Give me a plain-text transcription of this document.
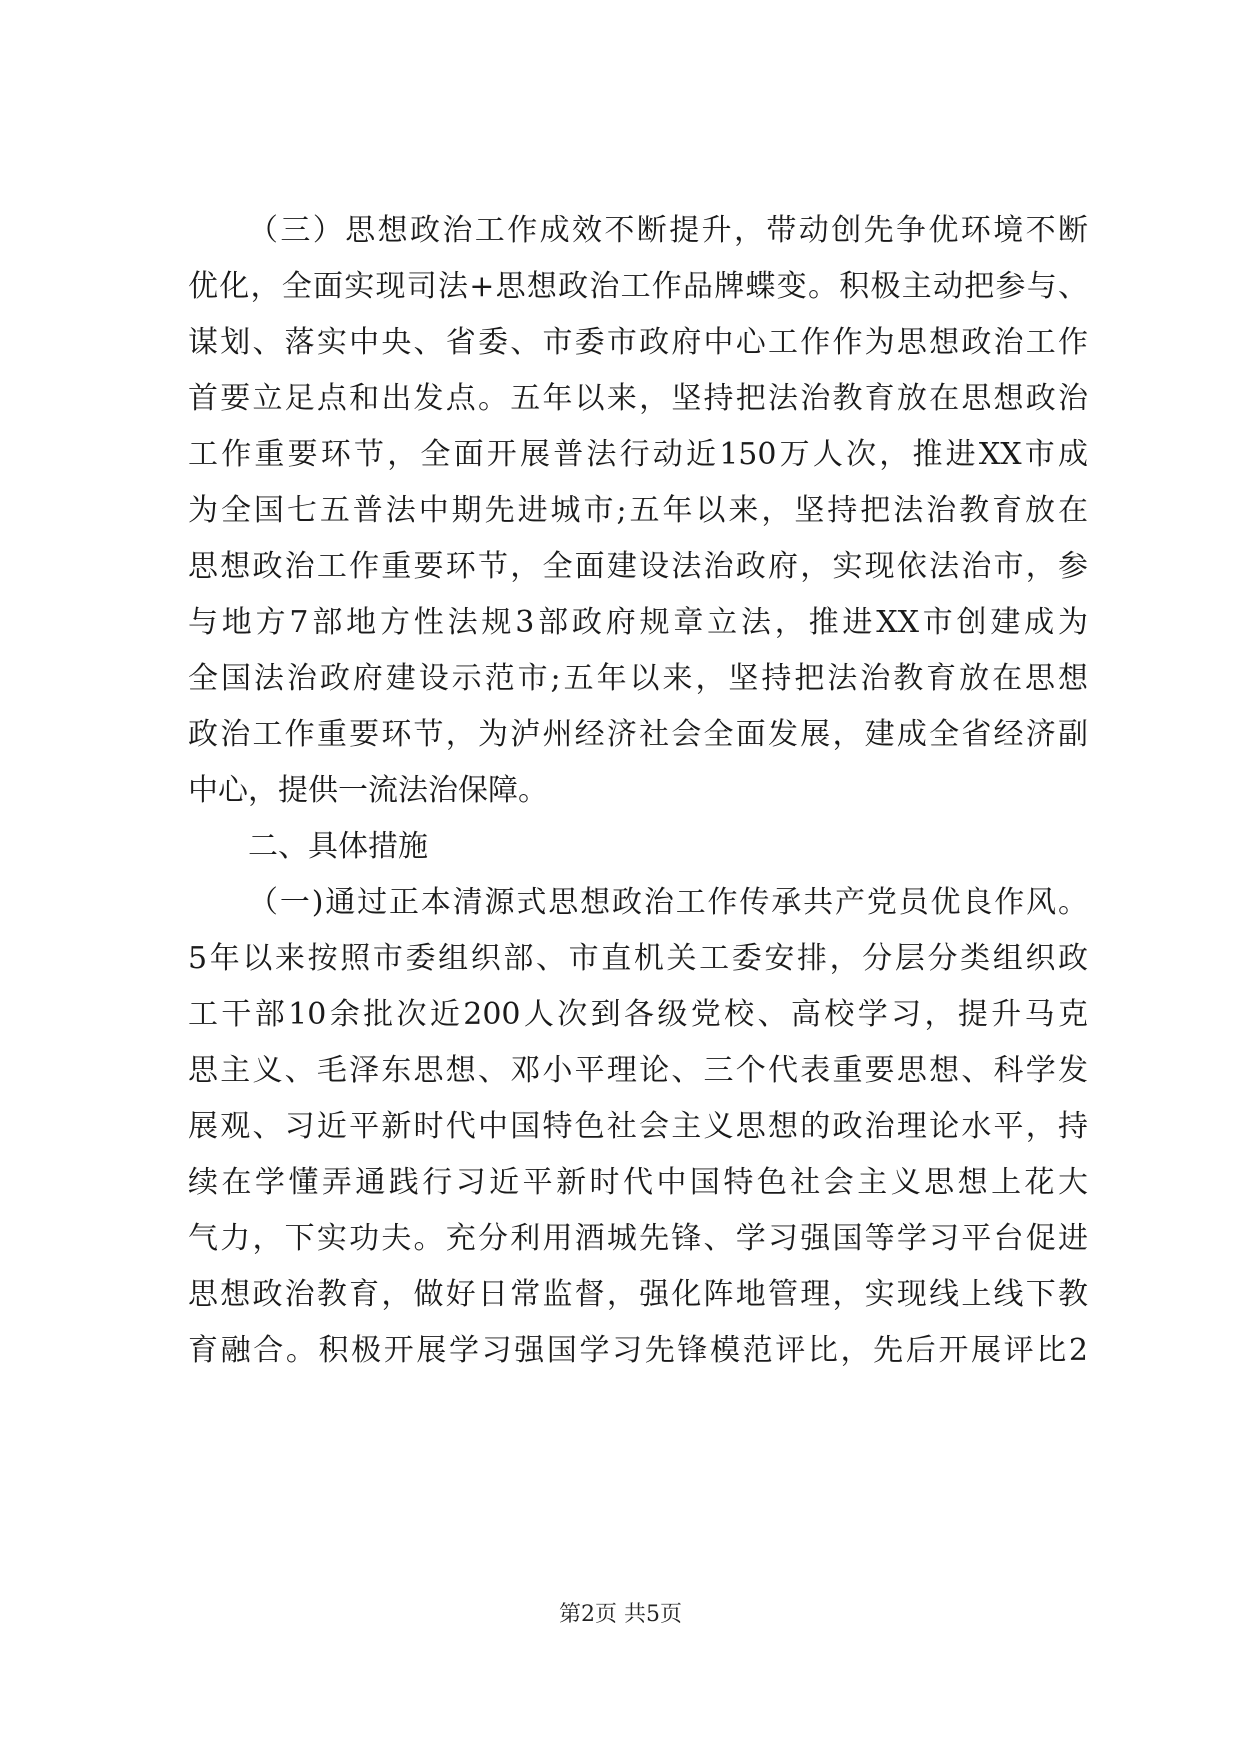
（三）思想政治工作成效不断提升，带动创先争优环境不断
优化，全面实现司法+思想政治工作品牌蝶变。积极主动把参与、
谋划、落实中央、省委、市委市政府中心工作作为思想政治工作
首要立足点和出发点。五年以来，坚持把法治教育放在思想政治
工作重要环节，全面开展普法行动近150万人次，推进XX市成
为全国七五普法中期先进城市;五年以来，坚持把法治教育放在
思想政治工作重要环节，全面建设法治政府，实现依法治市，参
与地方7部地方性法规3部政府规章立法，推进XX市创建成为
全国法治政府建设示范市;五年以来，坚持把法治教育放在思想
政治工作重要环节，为泸州经济社会全面发展，建成全省经济副
中心，提供一流法治保障。
二、具体措施
（一)通过正本清源式思想政治工作传承共产党员优良作风。
5年以来按照市委组织部、市直机关工委安排，分层分类组织政
工干部10余批次近200人次到各级党校、高校学习，提升马克
思主义、毛泽东思想、邓小平理论、三个代表重要思想、科学发
展观、习近平新时代中国特色社会主义思想的政治理论水平，持
续在学懂弄通践行习近平新时代中国特色社会主义思想上花大
气力，下实功夫。充分利用酒城先锋、学习强国等学习平台促进
思想政治教育，做好日常监督，强化阵地管理，实现线上线下教
育融合。积极开展学习强国学习先锋模范评比，先后开展评比2
第2页 共5页
